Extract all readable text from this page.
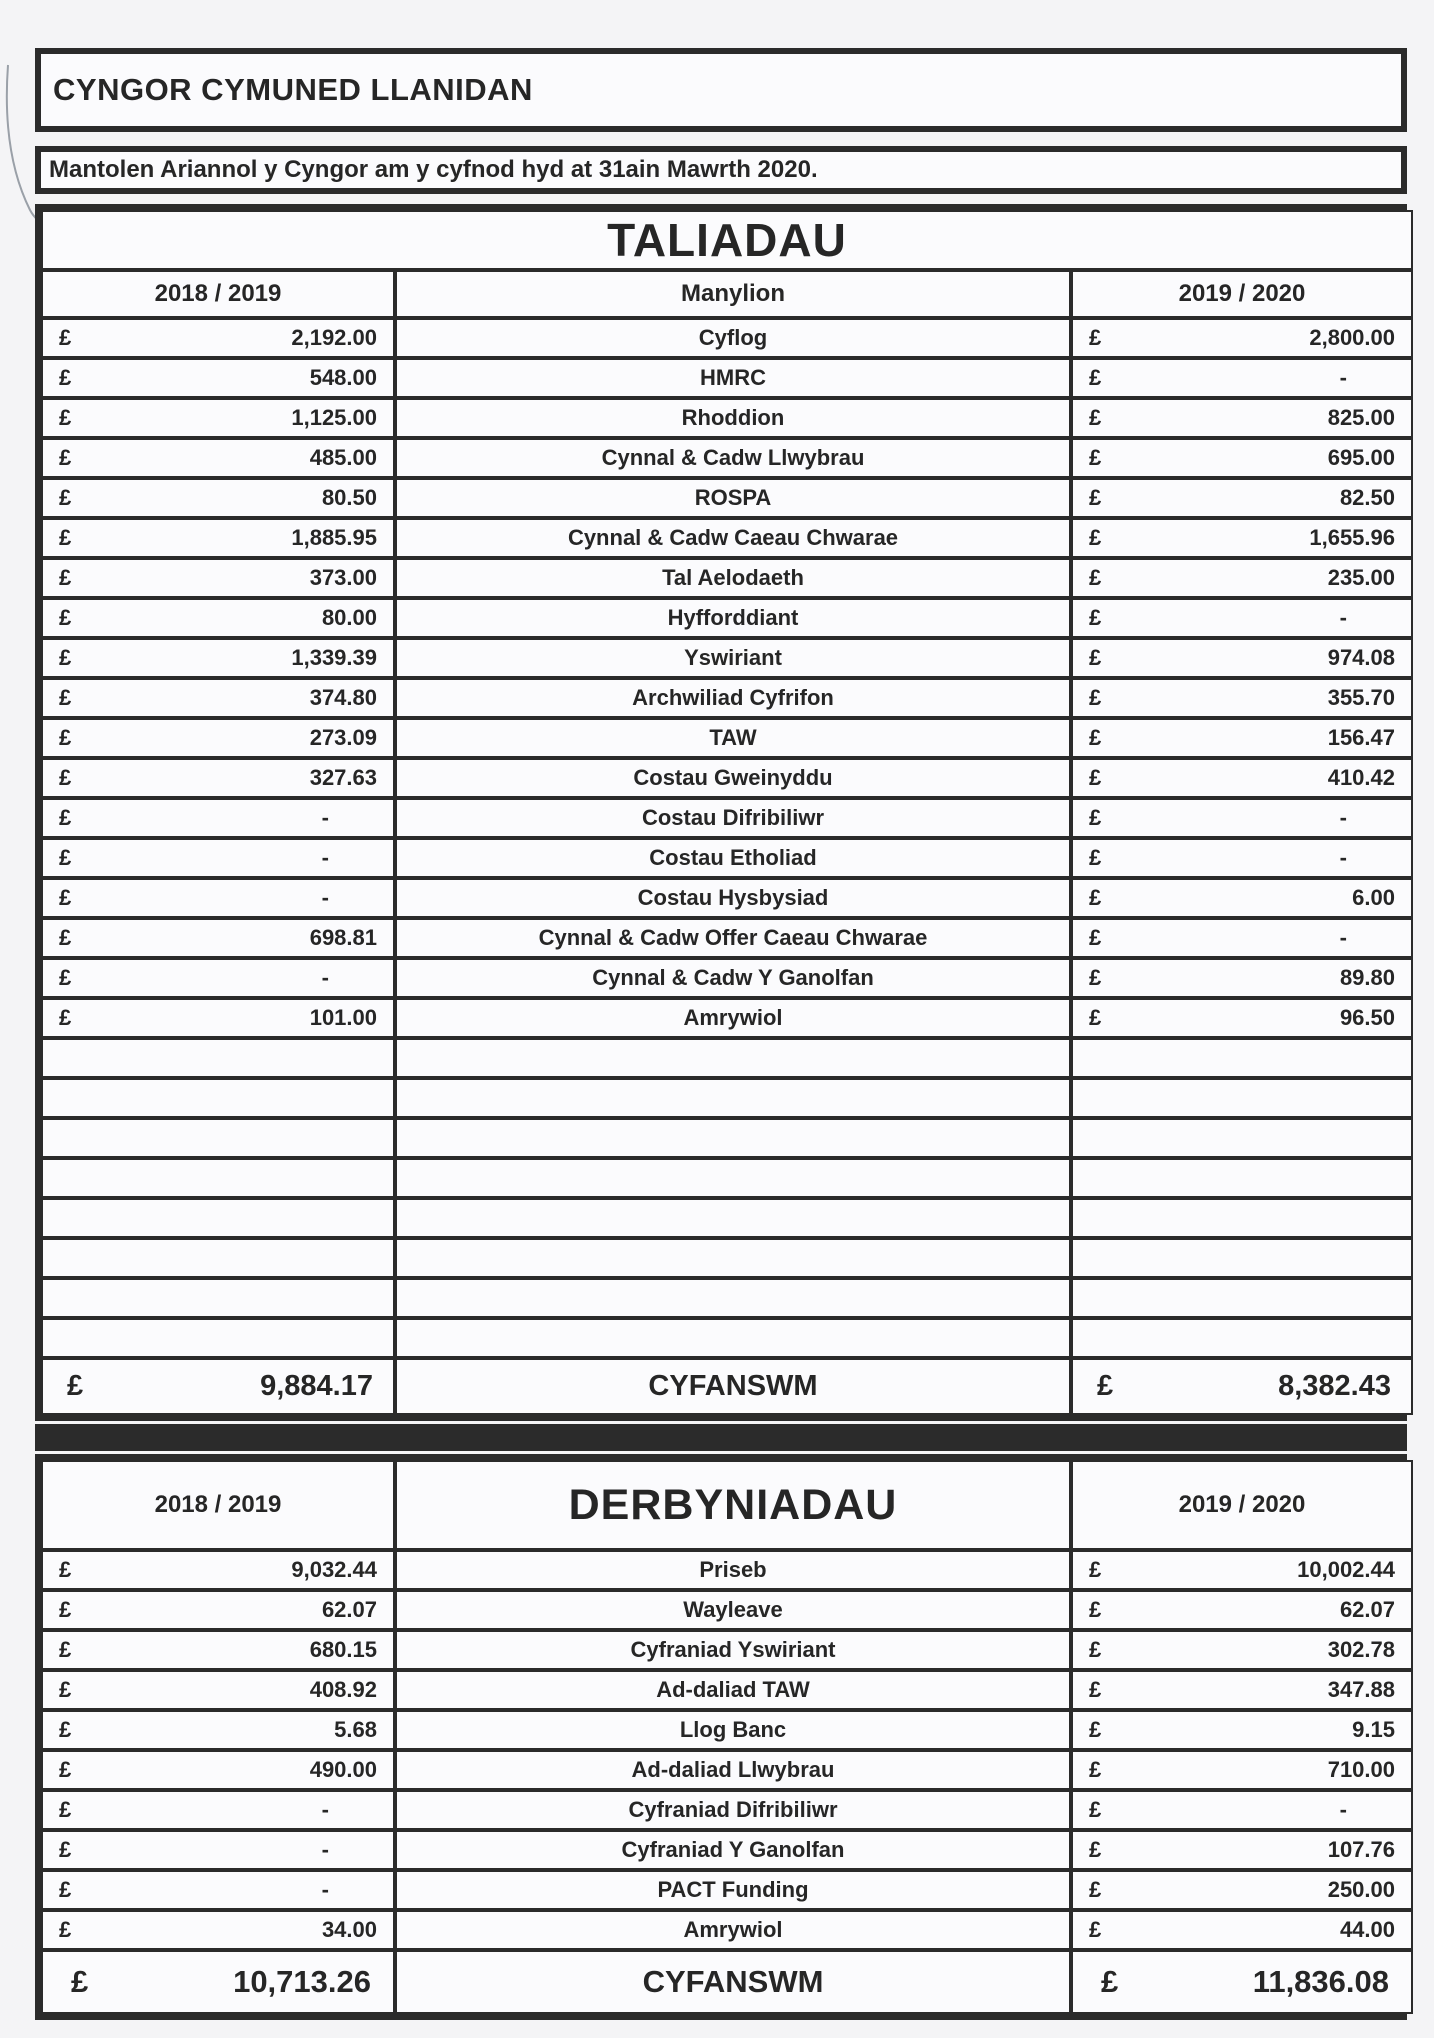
CYNGOR CYMUNED LLANIDAN
Mantolen Ariannol y Cyngor am y cyfnod hyd at 31ain Mawrth 2020.
TALIADAU
2018 / 2019	Manylion	2019 / 2020
£	2,192.00	Cyflog	£	2,800.00
£	548.00	HMRC	£	-
£	1,125.00	Rhoddion	£	825.00
£	485.00	Cynnal & Cadw Llwybrau	£	695.00
£	80.50	ROSPA	£	82.50
£	1,885.95	Cynnal & Cadw Caeau Chwarae	£	1,655.96
£	373.00	Tal Aelodaeth	£	235.00
£	80.00	Hyfforddiant	£	-
£	1,339.39	Yswiriant	£	974.08
£	374.80	Archwiliad Cyfrifon	£	355.70
£	273.09	TAW	£	156.47
£	327.63	Costau Gweinyddu	£	410.42
£	-	Costau Difribiliwr	£	-
£	-	Costau Etholiad	£	-
£	-	Costau Hysbysiad	£	6.00
£	698.81	Cynnal & Cadw Offer Caeau Chwarae	£	-
£	-	Cynnal & Cadw Y Ganolfan	£	89.80
£	101.00	Amrywiol	£	96.50
£	9,884.17	CYFANSWM	£	8,382.43
2018 / 2019	DERBYNIADAU	2019 / 2020
£	9,032.44	Priseb	£	10,002.44
£	62.07	Wayleave	£	62.07
£	680.15	Cyfraniad Yswiriant	£	302.78
£	408.92	Ad-daliad TAW	£	347.88
£	5.68	Llog Banc	£	9.15
£	490.00	Ad-daliad Llwybrau	£	710.00
£	-	Cyfraniad Difribiliwr	£	-
£	-	Cyfraniad Y Ganolfan	£	107.76
£	-	PACT Funding	£	250.00
£	34.00	Amrywiol	£	44.00
£	10,713.26	CYFANSWM	£	11,836.08
